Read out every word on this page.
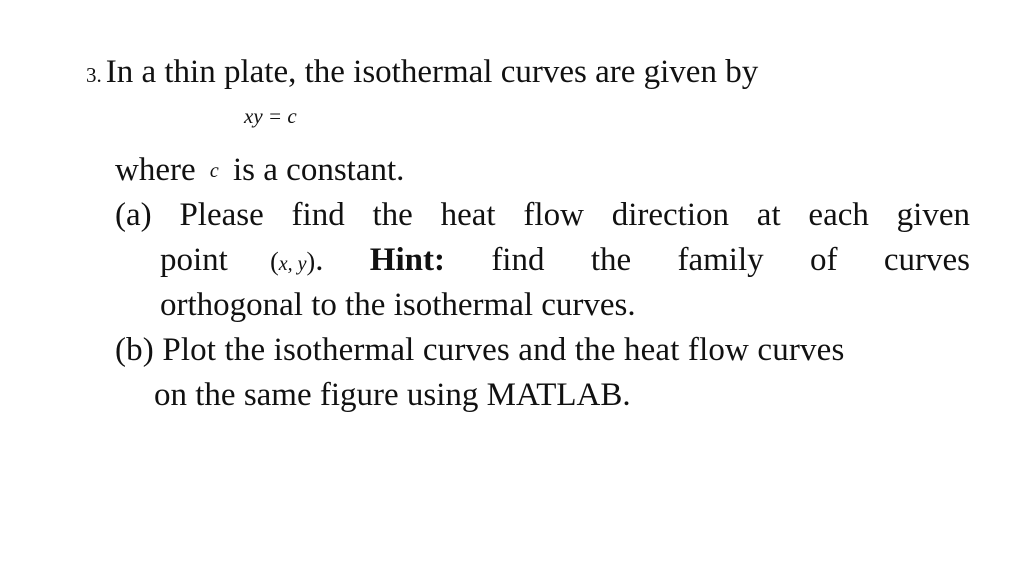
3. In a thin plate, the isothermal curves are given by
xy = c
where c is a constant.
(a) Please find the heat flow direction at each given
point (x, y). Hint: find the family of curves
orthogonal to the isothermal curves.
(b) Plot the isothermal curves and the heat flow curves
on the same figure using MATLAB.
